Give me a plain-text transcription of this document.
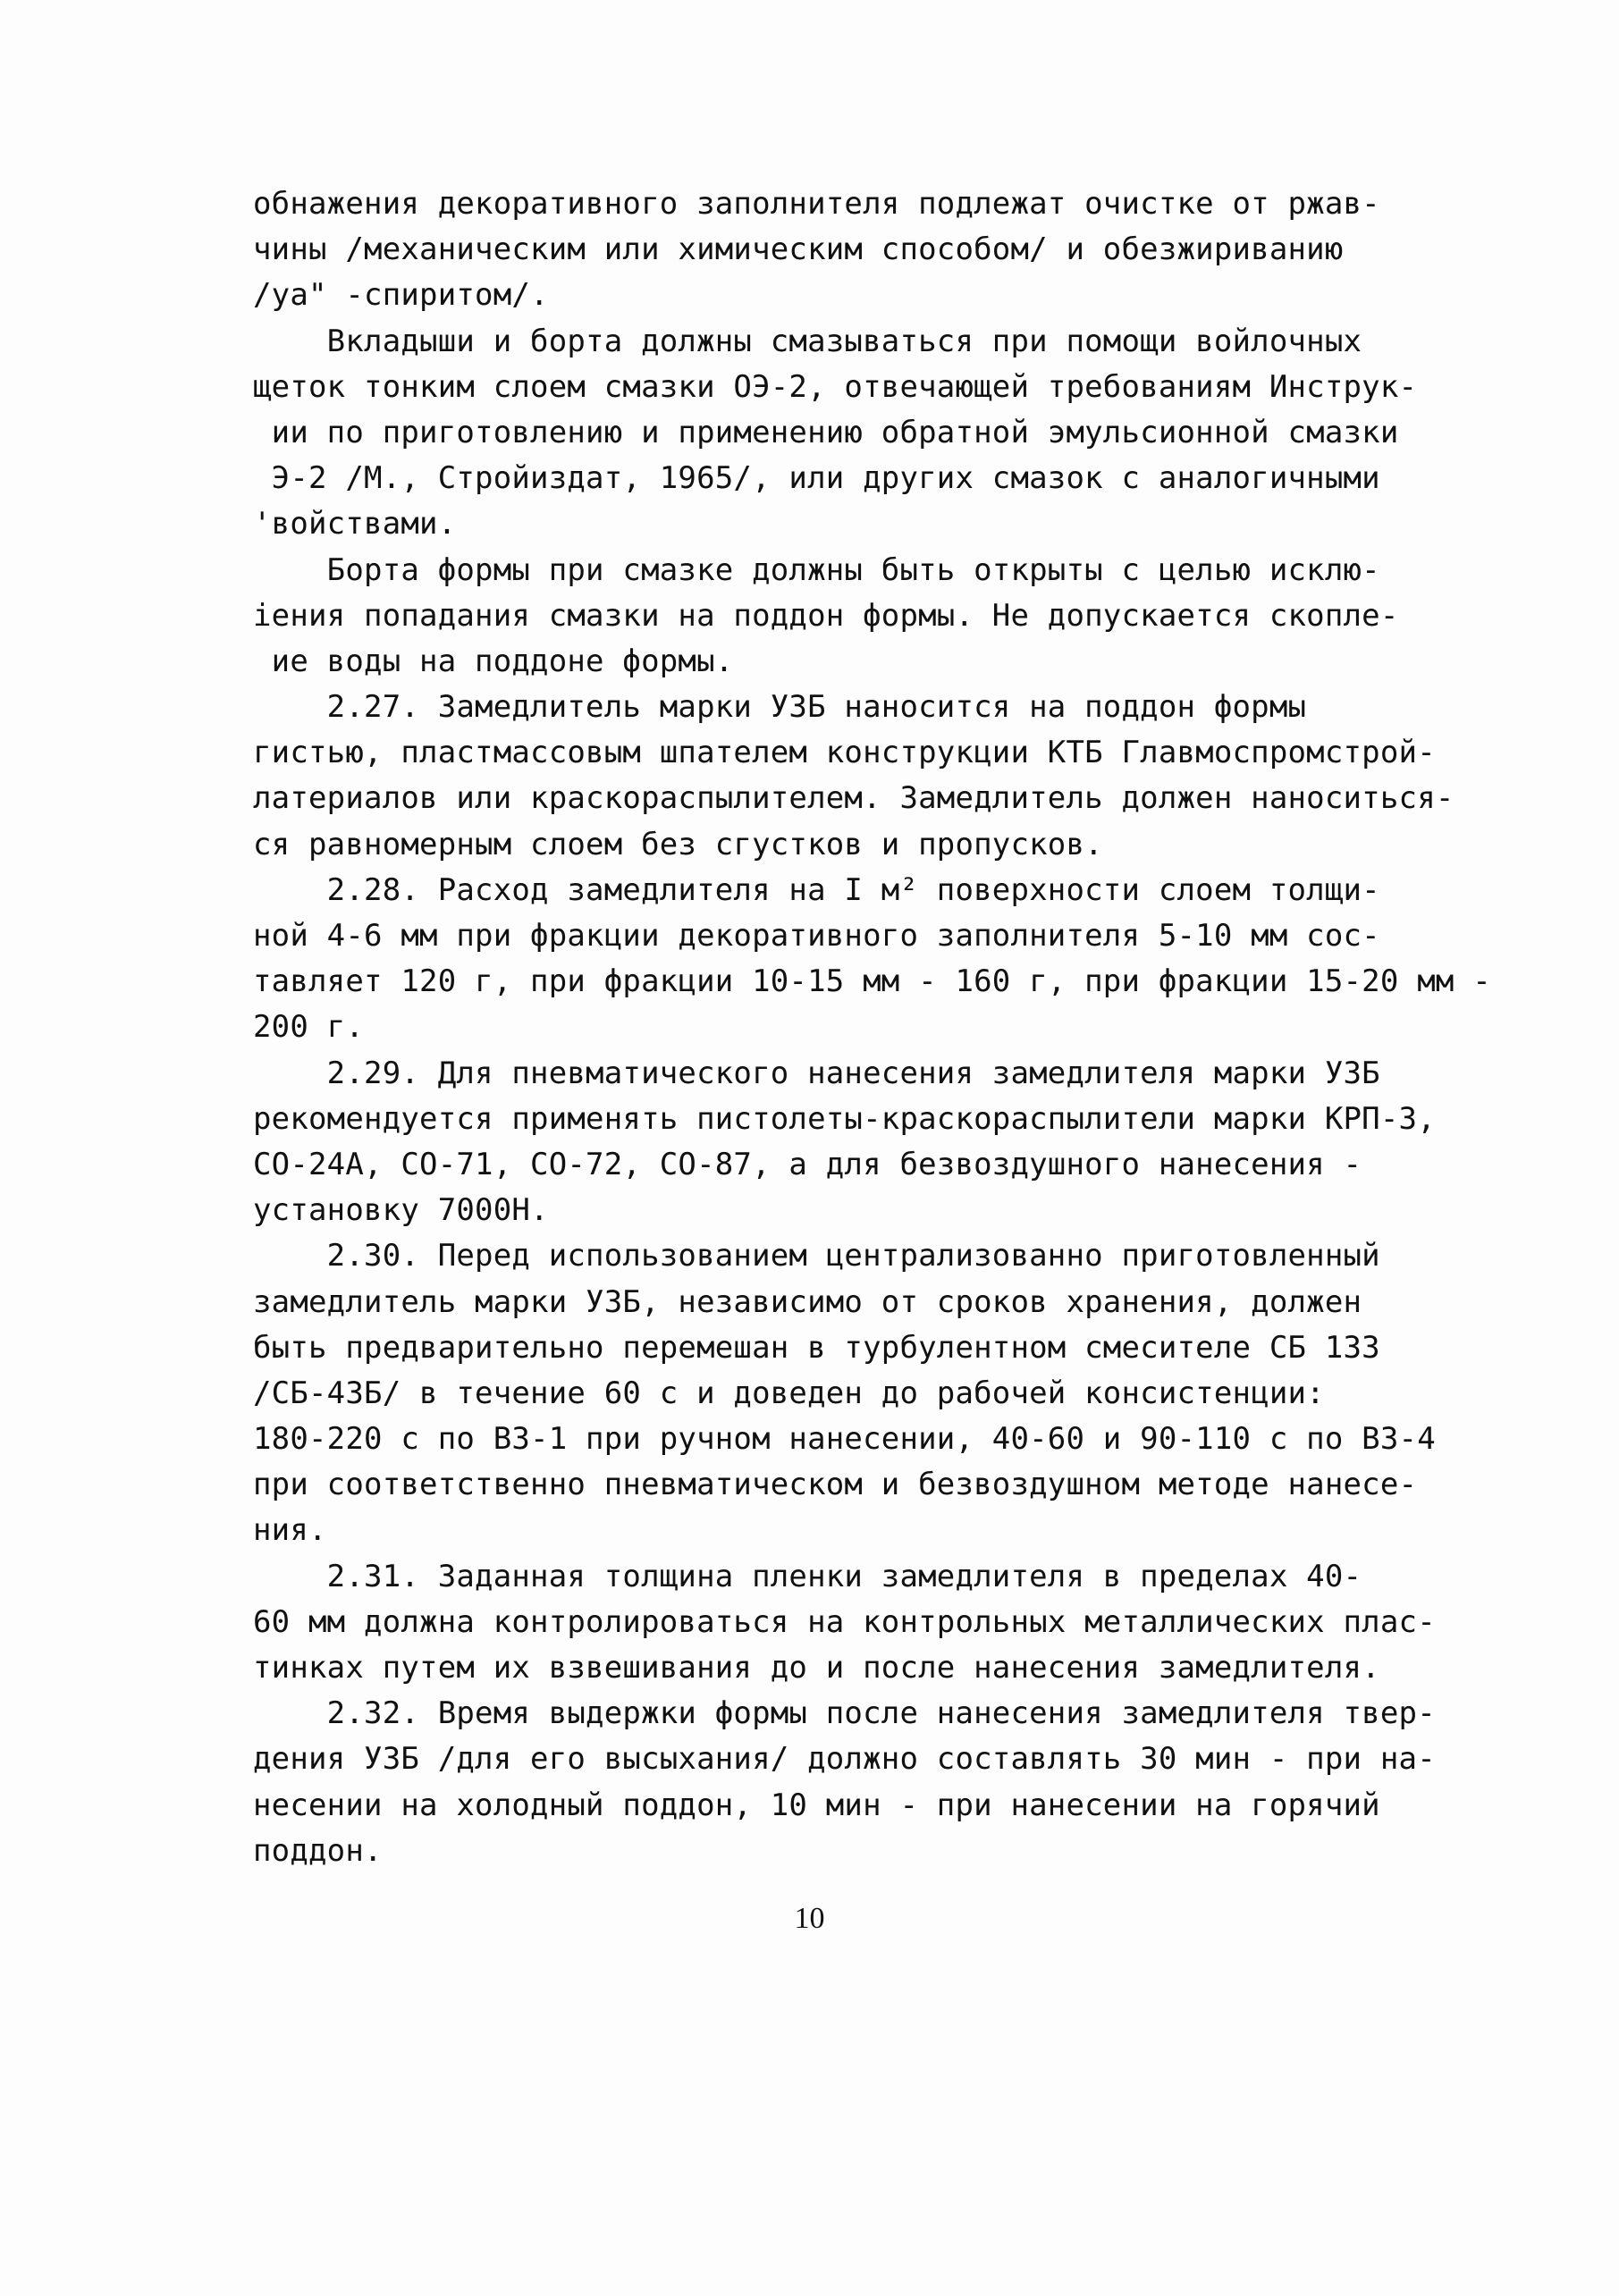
обнажения декоративного заполнителя подлежат очистке от ржав-
чины /механическим или химическим способом/ и обезжириванию
/уа" -спиритом/.
Вкладыши и борта должны смазываться при помощи войлочных
щеток тонким слоем смазки ОЭ-2, отвечающей требованиям Инструк-
ии по приготовлению и применению обратной эмульсионной смазки
Э-2 /М., Стройиздат, 1965/, или других смазок с аналогичными
'войствами.
Борта формы при смазке должны быть открыты с целью исклю-
іения попадания смазки на поддон формы. Не допускается скопле-
ие воды на поддоне формы.
2.27. Замедлитель марки УЗБ наносится на поддон формы
гистью, пластмассовым шпателем конструкции КТБ Главмоспромстрой-
латериалов или краскораспылителем. Замедлитель должен наноситься-
ся равномерным слоем без сгустков и пропусков.
2.28. Расход замедлителя на I м² поверхности слоем толщи-
ной 4-6 мм при фракции декоративного заполнителя 5-10 мм сос-
тавляет 120 г, при фракции 10-15 мм - 160 г, при фракции 15-20 мм -
200 г.
2.29. Для пневматического нанесения замедлителя марки УЗБ
рекомендуется применять пистолеты-краскораспылители марки КРП-3,
СО-24А, СО-71, СО-72, СО-87, а для безвоздушного нанесения -
установку 7000Н.
2.30. Перед использованием централизованно приготовленный
замедлитель марки УЗБ, независимо от сроков хранения, должен
быть предварительно перемешан в турбулентном смесителе СБ 133
/СБ-43Б/ в течение 60 с и доведен до рабочей консистенции:
180-220 с по ВЗ-1 при ручном нанесении, 40-60 и 90-110 с по ВЗ-4
при соответственно пневматическом и безвоздушном методе нанесе-
ния.
2.31. Заданная толщина пленки замедлителя в пределах 40-
60 мм должна контролироваться на контрольных металлических плас-
тинках путем их взвешивания до и после нанесения замедлителя.
2.32. Время выдержки формы после нанесения замедлителя твер-
дения УЗБ /для его высыхания/ должно составлять 30 мин - при на-
несении на холодный поддон, 10 мин - при нанесении на горячий
поддон.
10
